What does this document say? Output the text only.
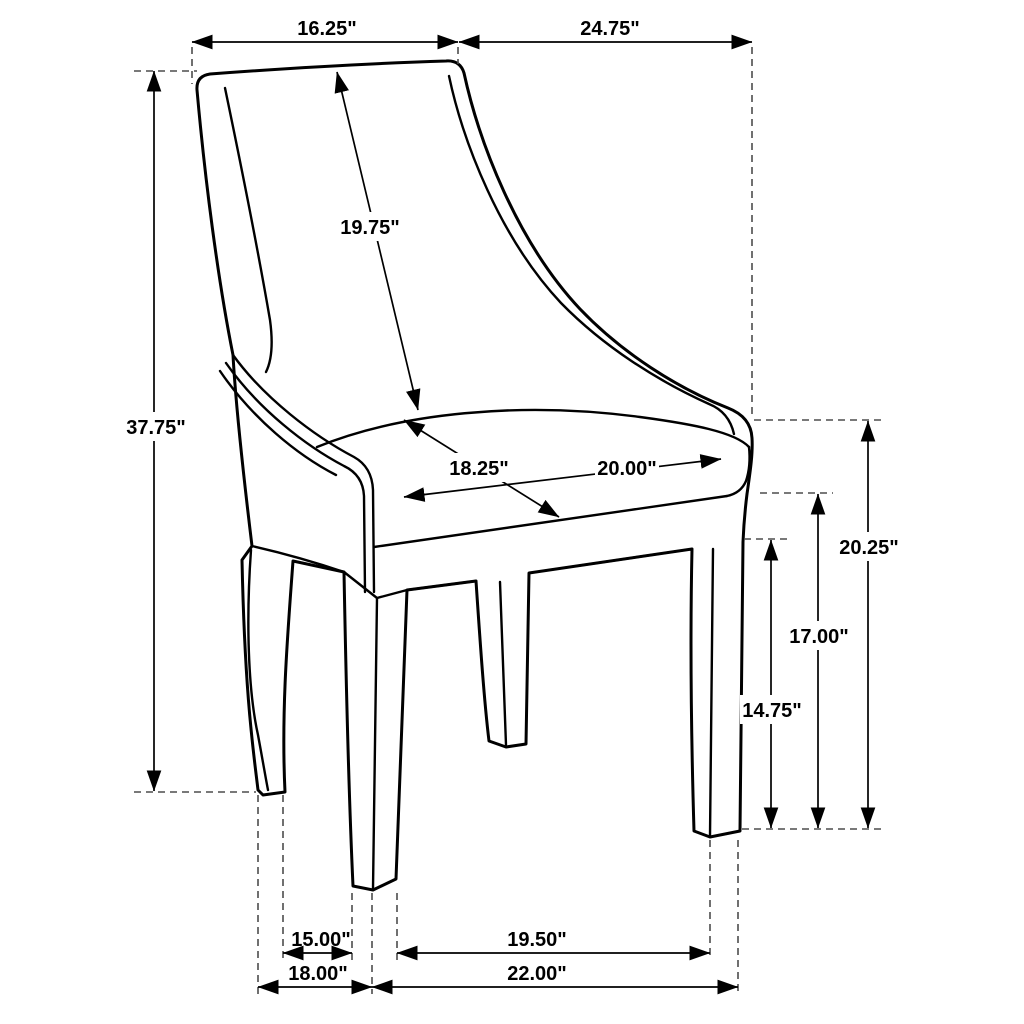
16.25"	24.75"
37.75"
19.75"
18.25"	20.00"
20.25"
17.00"
14.75"
15.00"	19.50"
18.00"	22.00"
